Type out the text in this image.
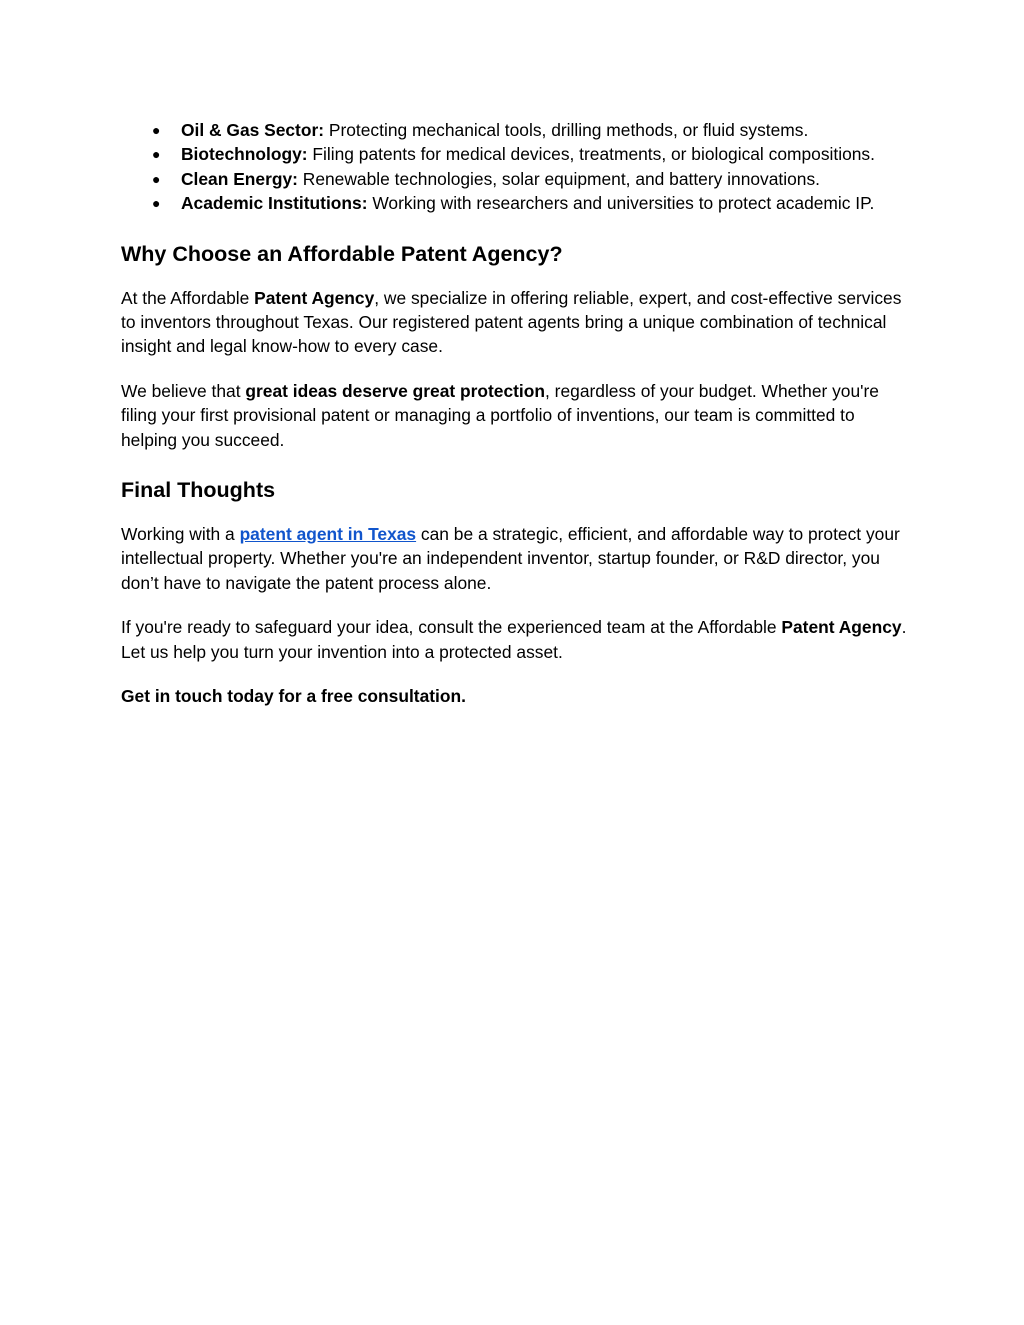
● Oil & Gas Sector: Protecting mechanical tools, drilling methods, or fluid systems.
● Biotechnology: Filing patents for medical devices, treatments, or biological compositions.
● Clean Energy: Renewable technologies, solar equipment, and battery innovations.
● Academic Institutions: Working with researchers and universities to protect academic IP.
Why Choose an Affordable Patent Agency?

At the Affordable Patent Agency, we specialize in offering reliable, expert, and cost-effective services to inventors throughout Texas. Our registered patent agents bring a unique combination of technical insight and legal know-how to every case.

We believe that great ideas deserve great protection, regardless of your budget. Whether you're filing your first provisional patent or managing a portfolio of inventions, our team is committed to helping you succeed.

Final Thoughts

Working with a patent agent in Texas can be a strategic, efficient, and affordable way to protect your intellectual property. Whether you're an independent inventor, startup founder, or R&D director, you don’t have to navigate the patent process alone.

If you're ready to safeguard your idea, consult the experienced team at the Affordable Patent Agency. Let us help you turn your invention into a protected asset.

Get in touch today for a free consultation.
